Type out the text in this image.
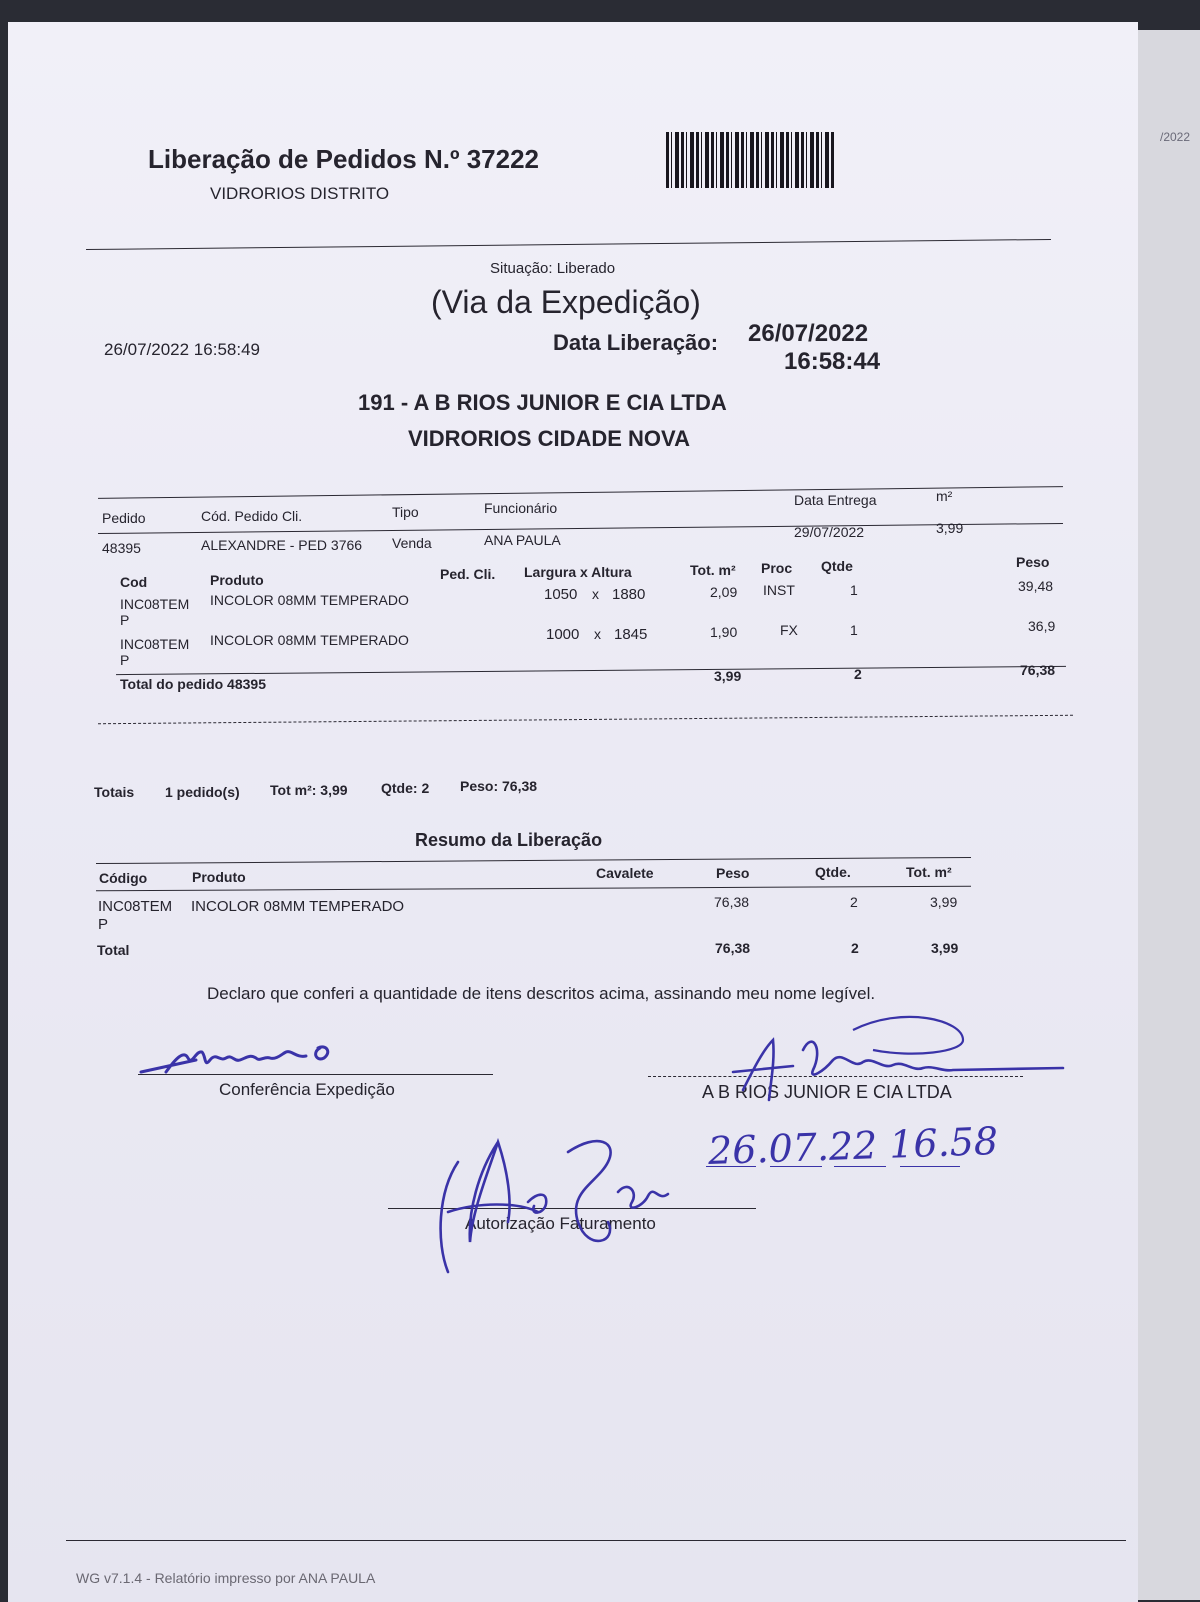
/2022
Liberação de Pedidos N.º 37222
VIDRORIOS DISTRITO
Situação: Liberado
(Via da Expedição)
26/07/2022 16:58:49	Data Liberação: 26/07/2022
16:58:44
191 - A B RIOS JUNIOR E CIA LTDA
VIDRORIOS CIDADE NOVA
Pedido	Cód. Pedido Cli.	Tipo	Funcionário	Data Entrega	m²
48395	ALEXANDRE - PED 3766 Venda	ANA PAULA	29/07/2022	3,99
Cod	Produto	Ped. Cli. Largura x Altura	Tot. m² Proc Qtde	Peso
INC08TEM
P
INCOLOR 08MM TEMPERADO	1050 x 1880	2,09 INST	1	39,48
INC08TEM
P
INCOLOR 08MM TEMPERADO	1000 x 1845	1,90	FX	1	36,9
Total do pedido 48395	3,99	2	76,38
Totais 1 pedido(s) Tot m²: 3,99 Qtde: 2 Peso: 76,38
Resumo da Liberação
Código	Produto	Cavalete	Peso	Qtde.	Tot. m²
INC08TEM
P
INCOLOR 08MM TEMPERADO	76,38	2	3,99
Total	76,38	2	3,99
Declaro que conferi a quantidade de itens descritos acima, assinando meu nome legível.
Conferência Expedição	A B RIOS JUNIOR E CIA LTDA
Autorização Faturamento
26.07.22 16.58
WG v7.1.4 - Relatório impresso por ANA PAULA
